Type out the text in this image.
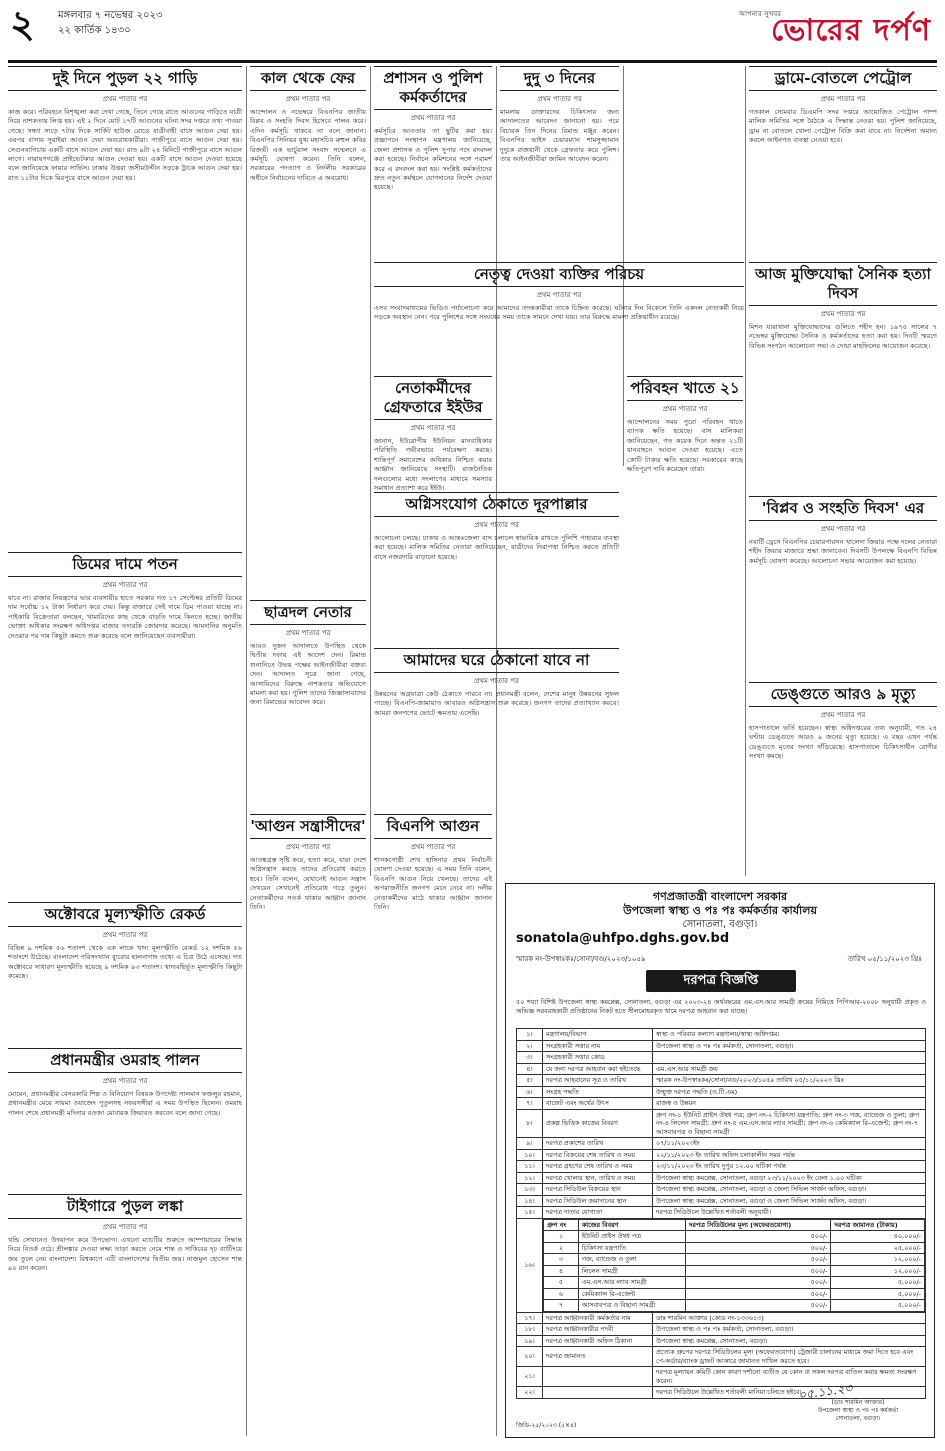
২ মঙ্গলবার ৭ নভেম্বর ২০২৩
২২ কার্তিক ১৪৩০
আপনার সুখবর
ভোরের দর্পণ
দুই দিনে পুড়ল ২২ গাড়ি
প্রথম পাতার পর
কাজ করে। পরিবহনে বিশৃঙ্খলা করা দেখা গেছে, তিনে গেছে রাতে আগুনের গাড়িতে যাত্রী নিয়ে নাশকতায় লিপ্ত হয়। এই ২ দিনে মোট ১৭টি আগুনের ঘটনা সদর দপ্তরে তথ্য পাওয়া গেছে। সন্ধ্যা সাড়ে ৭টার দিকে সার্কিট হাউজ রোডে যাত্রীবাহী বাসে আগুন দেয়া হয়। এরপর বাসায় সুরাইয়া আগুন দেয়া অবরোধকারীরা। গাজীপুরে বাসে আগুন দেয়া হয়। সেগুনবাগিচায় একটি বাসে আগুন দেয়া হয়। রাত ৯টা ২৪ মিনিটে গাজীপুরে বাসে আগুন লাগে। নারায়ণগঞ্জে প্রাইভেটকার আগুন দেওয়া হয়। একটি বাসে আগুন দেওয়া হয়েছে বলে জানিয়েছে ফায়ার সার্ভিস। ঢাকার উত্তরা জসীমউদ্দীন সড়কে ট্রাকে আগুন দেয়া হয়। রাত ১১টার দিকে মিরপুরে বাসে আগুন দেয়া হয়।
ডিমের দামে পতন
প্রথম পাতার পর
যাবে না। রাজার নিয়ন্ত্রণের ভার ব্যবসায়ীর হাতে সরকার গত ১৭ সেপ্টেম্বর প্রতিটি ডিমের দাম সর্বোচ্চ ১২ টাকা নির্ধারণ করে দেয়। কিন্তু বাজারে সেই দামে ডিম পাওয়া যাচ্ছে না। পাইকারি বিক্রেতারা বলছেন, খামারিদের কাছ থেকে বাড়তি দামে কিনতে হচ্ছে। জাতীয় ভোক্তা অধিকার সংরক্ষণ অধিদপ্তর বাজার তদারকি জোরদার করেছে। আমদানির অনুমতি দেওয়ার পর দাম কিছুটা কমতে শুরু করেছে বলে জানিয়েছেন ব্যবসায়ীরা।
অক্টোবরে মূল্যস্ফীতি রেকর্ড
প্রথম পাতার পর
বিভিন্ন ৯ দশমিক ৫৬ শতাংশ থেকে এক লাফে খাদ্য মূল্যস্ফীতি রেকর্ড ১২ দশমিক ৫৬ শতাংশে উঠেছে। বাংলাদেশ পরিসংখ্যান ব্যুরোর হালনাগাদ তথ্যে এ চিত্র উঠে এসেছে। গত অক্টোবরে সাধারণ মূল্যস্ফীতি হয়েছে ৯ দশমিক ৯৩ শতাংশ। খাদ্যবহির্ভূত মূল্যস্ফীতি কিছুটা কমেছে।
প্রধানমন্ত্রীর ওমরাহ পালন
প্রথম পাতার পর
মোমেন, প্রধানমন্ত্রীর বেসরকারি শিল্প ও বিনিয়োগ বিষয়ক উপদেষ্টা সালমান ফজলুর রহমান, প্রধানমন্ত্রীর মেয়ে সায়মা ওয়াজেদ পুতুলসহ সফরসঙ্গীরা এ সময় উপস্থিত ছিলেন। ওমরাহ পালন শেষে প্রধানমন্ত্রী মদিনায় রওজা মোবারক জিয়ারত করবেন বলে জানা গেছে।
টাইগারে পুড়ল লঙ্কা
প্রথম পাতার পর
খন্ডি সেখানেও উদযাপন করে উপভোগ। এখনো ম্যাচটির শুরুতে আম্পায়ারের সিদ্ধান্ত নিয়ে বিতর্ক ওঠে। শ্রীলঙ্কার দেওয়া লক্ষ্য তাড়া করতে নেমে শান্ত ও সাকিবের দৃঢ় ব্যাটিংয়ে জয় তুলে নেয় বাংলাদেশ। বিশ্বকাপে এটি বাংলাদেশের দ্বিতীয় জয়। নাজমুল হোসেন শান্ত ৯০ রান করেন।
কাল থেকে ফের
প্রথম পাতার পর
আন্দোলন ও নভেম্বরে বিএনপির জাতীয় বিপ্লব ও সংহতি দিবস হিসেবে পালন করে। এদিন কর্মসূচি থাকবে না বলে জানান। বিএনপির সিনিয়র যুগ্ম মহাসচিব রুহুল কবির রিজভী এক ভার্চুয়াল সংবাদ সম্মেলনে এ কর্মসূচি ঘোষণা করেন। তিনি বলেন, সরকারের পদত্যাগ ও নির্দলীয় সরকারের অধীনে নির্বাচনের দাবিতে এ অবরোধ।
ছাত্রদল নেতার
প্রথম পাতার পর
আরও দুজন আদালতে উপস্থিত থেকে দ্বিতীয় দফায় এই আদেশ দেন। রিমান্ড শুনানিতে উভয় পক্ষের আইনজীবীরা বক্তব্য দেন। আদালত সূত্রে জানা গেছে, আসামিদের বিরুদ্ধে নাশকতার অভিযোগে মামলা করা হয়। পুলিশ তাদের জিজ্ঞাসাবাদের জন্য রিমান্ডের আবেদন করে।
'আগুন সন্ত্রাসীদের'
প্রথম পাতার পর
আতঙ্কগ্রস্ত সৃষ্টি করে, হত্যা করে, যারা দেশে অগ্নিসন্ত্রাস করছে তাদের প্রতিরোধ করতে হবে। তিনি বলেন, যেখানেই আগুন সন্ত্রাস দেখবেন সেখানেই প্রতিরোধ গড়ে তুলুন। নেতাকর্মীদের সতর্ক থাকার আহ্বান জানান তিনি।
প্রশাসন ও পুলিশ কর্মকর্তাদের
প্রথম পাতার পর
কর্মসূচির আওতায় তা ছুটির করা হয়। প্রজ্ঞাপনে সংস্থাপন মন্ত্রণালয় জানিয়েছে, জেলা প্রশাসক ও পুলিশ সুপার পদে রদবদল করা হয়েছে। নির্বাচন কমিশনের সঙ্গে পরামর্শ করে এ রদবদল করা হয়। সংশ্লিষ্ট কর্মকর্তাদের দ্রুত নতুন কর্মস্থলে যোগদানের নির্দেশ দেওয়া হয়েছে।
নেতৃত্ব দেওয়া ব্যক্তির পরিচয়
প্রথম পাতার পর
এসব সংবাদমাধ্যমের ভিডিও পর্যালোচনা করে আমাদের তদন্তকারীরা তাকে চিহ্নিত করেছে। ঘটনার দিন বিকেলে তিনি একদল নেতাকর্মী নিয়ে সড়কে অবস্থান নেন। পরে পুলিশের সঙ্গে সংঘর্ষের সময় তাকে সামনে দেখা যায়। তার বিরুদ্ধে মামলা প্রক্রিয়াধীন রয়েছে।
নেতাকর্মীদের গ্রেফতারে ইইউর
প্রথম পাতার পর
জানান, ইউরোপীয় ইউনিয়ন মানবাধিকার পরিস্থিতি গভীরভাবে পর্যবেক্ষণ করছে। শান্তিপূর্ণ সমাবেশের অধিকার নিশ্চিত করার আহ্বান জানিয়েছে সংস্থাটি। রাজনৈতিক দলগুলোর মধ্যে সংলাপের মাধ্যমে সমস্যার সমাধান প্রত্যাশা করে ইইউ।
অগ্নিসংযোগ ঠেকাতে দূরপাল্লার
প্রথম পাতার পর
আলোচনা চলছে। ঢাকায় ও আন্তঃজেলা বাস চলাচল স্বাভাবিক রাখতে পুলিশি পাহারার ব্যবস্থা করা হয়েছে। মালিক সমিতির নেতারা জানিয়েছেন, যাত্রীদের নিরাপত্তা নিশ্চিত করতে প্রতিটি বাসে নজরদারি বাড়ানো হয়েছে।
আমাদের ঘরে ঠেকানো যাবে না
প্রথম পাতার পর
উন্নয়নের অগ্রযাত্রা কেউ ঠেকাতে পারবে না। প্রধানমন্ত্রী বলেন, দেশের মানুষ উন্নয়নের সুফল পাচ্ছে। বিএনপি-জামায়াত আবারও অগ্নিসন্ত্রাস শুরু করেছে। জনগণ তাদের প্রত্যাখ্যান করবে। আমরা জনগণের ভোটে ক্ষমতায় এসেছি।
বিএনপি আগুন
প্রথম পাতার পর
শাসকগোষ্ঠী শেখ হাসিনার প্রথম নির্বাচনী ঘোষণা দেওয়া হয়েছে। এ সময় তিনি বলেন, বিএনপি আগুন নিয়ে খেলছে। তাদের এই অপরাজনীতি জনগণ মেনে নেবে না। দলীয় নেতাকর্মীদের মাঠে থাকার আহ্বান জানান তিনি।
দুদু ৩ দিনের
প্রথম পাতার পর
মামলায় ডাক্তারদের চিকিৎসার জন্য আদালতের আবেদন জানানো হয়। পরে বিচারক তিন দিনের রিমান্ড মঞ্জুর করেন। বিএনপির ভাইস চেয়ারম্যান শামসুজ্জামান দুদুকে রাজধানী থেকে গ্রেফতার করে পুলিশ। তার আইনজীবীরা জামিন আবেদন করেন।
পরিবহন খাতে ২১
প্রথম পাতার পর
আন্দোলনের সময় পুরো পরিবহন খাতে ব্যাপক ক্ষতি হয়েছে। বাস মালিকরা জানিয়েছেন, গত কয়েক দিনে অন্তত ২১টি যানবাহনে আগুন দেওয়া হয়েছে। এতে কোটি টাকার ক্ষতি হয়েছে। সরকারের কাছে ক্ষতিপূরণ দাবি করেছেন তারা।
ড্রামে-বোতলে পেট্রোল
প্রথম পাতার পর
গতকাল সোমবার ডিএমপি সদর দপ্তরে আয়োজিত পেট্রোল পাম্প মালিক সমিতির সঙ্গে বৈঠকে এ সিদ্ধান্ত নেওয়া হয়। পুলিশ জানিয়েছে, ড্রাম বা বোতলে খোলা পেট্রোল বিক্রি করা যাবে না। নির্দেশনা অমান্য করলে আইনগত ব্যবস্থা নেওয়া হবে।
আজ মুক্তিযোদ্ধা সৈনিক হত্যা দিবস
প্রথম পাতার পর
মিশন যারাখানা মুক্তিযোদ্ধাদের গুলিতে শহীদ হন। ১৯৭৫ সালের ৭ নভেম্বর মুক্তিযোদ্ধা সৈনিক ও কর্মকর্তাদের হত্যা করা হয়। দিনটি স্মরণে বিভিন্ন সংগঠন আলোচনা সভা ও দোয়া মাহফিলের আয়োজন করেছে।
'বিপ্লব ও সংহতি দিবস' এর
প্রথম পাতার পর
নবার্টি ড্রেসে বিএনপির চেয়ারপারসন খালেদা জিয়ার পক্ষে দলের নেতারা শহীদ জিয়ার মাজারে শ্রদ্ধা জানাবেন। দিবসটি উপলক্ষে বিএনপি বিভিন্ন কর্মসূচি ঘোষণা করেছে। আলোচনা সভার আয়োজন করা হয়েছে।
ডেঙ্গুতে আরও ৯ মৃত্যু
প্রথম পাতার পর
হাসপাতালে ভর্তি হয়েছেন। স্বাস্থ্য অধিদপ্তরের তথ্য অনুযায়ী, গত ২৪ ঘণ্টায় ডেঙ্গুতে আরও ৯ জনের মৃত্যু হয়েছে। এ বছর এখন পর্যন্ত ডেঙ্গুতে মৃতের সংখ্যা দাঁড়িয়েছে। হাসপাতালে চিকিৎসাধীন রোগীর সংখ্যা কমছে।
গণপ্রজাতন্ত্রী বাংলাদেশ সরকার
উপজেলা স্বাস্থ্য ও পঃ পঃ কর্মকর্তার কার্যালয়
সোনাতলা, বগুড়া।
sonatola@uhfpo.dghs.gov.bd
স্মারক নং-উপস্বাঃকঃ/সোনা/বগু/২০২৩/১০৫৯	তারিখ ০৫/১১/২০২৩ খ্রিঃ
দরপত্র বিজ্ঞপ্তি
৫০ শয্যা বিশিষ্ট উপজেলা স্বাস্থ্য কমপ্লেক্স, সোনাতলা, বগুড়া এর ২০২৩-২৪ অর্থবছরের এম.এস.আর সামগ্রী ক্রয়ের নিমিত্তে পিপিআর-২০০৮ অনুযায়ী প্রকৃত ও অভিজ্ঞ সরবরাহকারী প্রতিষ্ঠানের নিকট হতে সীলমোহরকৃত খামে দরপত্র আহবান করা যাচ্ছে।
১।	মন্ত্রণালয়/বিভাগ	স্বাস্থ্য ও পরিবার কল্যাণ মন্ত্রণালয়/স্বাস্থ্য অধিদপ্তর।
২।	সংগ্রহকারী সত্তার নাম	উপজেলা স্বাস্থ্য ও পঃ পঃ কর্মকর্তা, সোনাতলা, বগুড়া।
৩।	সংগ্রহকারী সত্তার কোড	
৪।	যে জন্য দরপত্র আহবান করা হইতেছে	এম.এস.আর সামগ্রী ক্রয়
৫।	দরপত্র আহবানের সূত্র ও তারিখ	স্মারক নং-উপস্বাঃকঃ/সোনা/বগু/২০২৩/১০৫৯ তারিখ ০৫/১১/২০২৩ খ্রিঃ
৬।	সংগ্রহ পদ্ধতি	উন্মুক্ত দরপত্র পদ্ধতি (ও.টি.এম)
৭।	বাজেট এবং অর্থের উৎস	রাজস্ব ও উন্নয়ন
৮।	প্রকল্প ভিত্তিক কাজের বিবরণ	গ্রুপ নং-১ ইউনিট প্রাইস ঔষধ পত্র; গ্রুপ নং-২ চিকিৎসা যন্ত্রপাতি; গ্রুপ নং-৩ গজ, ব্যান্ডেজ ও তুলা; গ্রুপ নং-৪ লিলেন সামগ্রী; গ্রুপ নং-৫ এম.এস.আর ল্যাব সামগ্রী; গ্রুপ নং-৬ কেমিক্যাল রি-এজেন্ট; গ্রুপ নং-৭ আসবাবপত্র ও বিছানা সামগ্রী
৯।	দরপত্র প্রকাশের তারিখ	০৭/১১/২০২৩ইং
১০।	দরপত্র বিক্রয়ের শেষ তারিখ ও সময়	২২/১১/২০২৩ ইং তারিখ অফিস চলাকালীন সময় পর্যন্ত
১১।	দরপত্র গ্রহণের শেষ তারিখ ও সময়	২৩/১১/২০২৩ ইং তারিখ দুপুর ১২.০০ ঘটিকা পর্যন্ত
১২।	দরপত্র খোলার স্থান, তারিখ ও সময়	উপজেলা স্বাস্থ্য কমপ্লেক্স, সোনাতলা, বগুড়া ২৩/১১/২০২৩ ইং বেলা ১.০০ ঘটিকা
১৩।	দরপত্র সিডিউল বিক্রয়ের স্থান	উপজেলা স্বাস্থ্য কমপ্লেক্স, সোনাতলা, বগুড়া ও জেলা সিভিল সার্জন অফিস, বগুড়া।
১৪।	দরপত্র সিডিউল জমাদানের স্থান	উপজেলা স্বাস্থ্য কমপ্লেক্স, সোনাতলা, বগুড়া ও জেলা সিভিল সার্জন অফিস, বগুড়া।
১৫।	দরপত্র দাতার যোগ্যতা	দরপত্র সিডিউলে উল্লেখিত শর্তাবলী অনুযায়ী।
১৬।	
গ্রুপ নং	কাজের বিবরণ	দরপত্র সিডিউলের মূল্য (অফেরতযোগ্য)	দরপত্র জামানত (টাকায়)
১	ইউনিট প্রাইস ঔষধ পত্র	৫০০/-	৪০,০০০/-
২	চিকিৎসা যন্ত্রপাতি	৫০০/-	২৫,০০০/-
৩	গজ, ব্যান্ডেজ ও তুলা	৫০০/-	১২,০০০/-
৪	লিলেন সামগ্রী	৫০০/-	১২,০০০/-
৫	এম.এস.আর ল্যাব সামগ্রী	৫০০/-	৫,০০০/-
৬	কেমিক্যাল রি-এজেন্ট	৫০০/-	৫,০০০/-
৭	আসবাবপত্র ও বিছানা সামগ্রী	৫০০/-	৫,০০০/-

১৭।	দরপত্র আহ্বানকারী কর্মকর্তার নাম	ডাঃ শারমিন আক্তার (কোড নং-১৩৩৬১৩)
১৮।	দরপত্র আহ্বানকারীর পদবী	উপজেলা স্বাস্থ্য ও পঃ পঃ কর্মকর্তা, সোনাতলা, বগুড়া।
১৯।	দরপত্র আহ্বানকারী অফিস ঠিকানা	উপজেলা স্বাস্থ্য কমপ্লেক্স, সোনাতলা, বগুড়া।
২০।	দরপত্র জামানত	প্রত্যেক গ্রুপের দরপত্র সিডিউলের মূল্য (অফেরতযোগ্য) ট্রেজারী চালানের মাধ্যমে জমা দিতে হবে এবং পে-অর্ডার/ব্যাংক ড্রাফট আকারে জামানত দাখিল করতে হবে।
২১।		দরপত্র মূল্যায়ন কমিটি কোন কারণ দর্শানো ব্যতীত যে কোন বা সকল দরপত্র বাতিল করার ক্ষমতা সংরক্ষণ করেন।
২২।		দরপত্র সিডিউলে উল্লেখিত শর্তাবলী মানিয়া চলিতে হইবে।
০৫.১১.২৩
(ডাঃ শারমিন আক্তার)
উপজেলা স্বাস্থ্য ও পঃ পঃ কর্মকর্তা
সোনাতলা, বগুড়া।
জিডি-২৫/২০২৩ (৫×৪)
